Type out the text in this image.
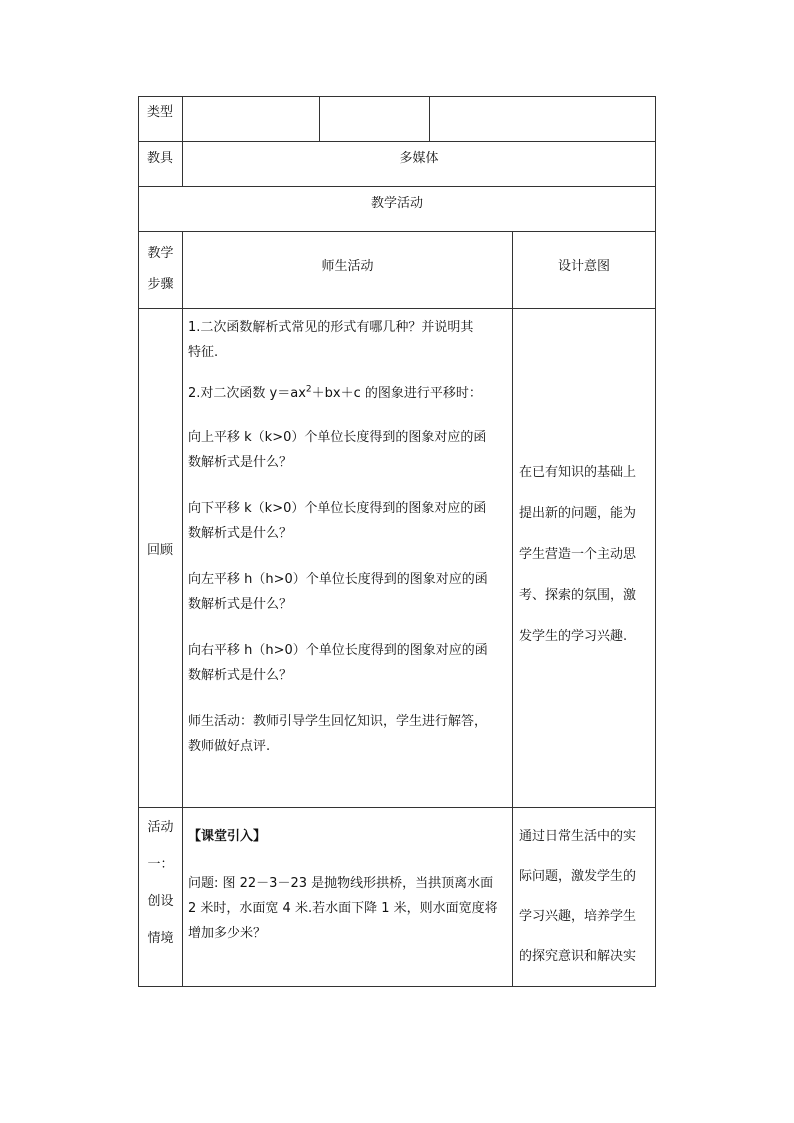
类型
教具	多媒体
教学活动
教学
步骤
师生活动	设计意图
回顾
1.二次函数解析式常见的形式有哪几种？并说明其
特征.
2.对二次函数 $y=ax^2+bx+c$ 的图象进行平移时：
向上平移 k（k>0）个单位长度得到的图象对应的函
数解析式是什么？
向下平移 k（k>0）个单位长度得到的图象对应的函
数解析式是什么？
向左平移 h（h>0）个单位长度得到的图象对应的函
数解析式是什么？
向右平移 h（h>0）个单位长度得到的图象对应的函
数解析式是什么？
师生活动：教师引导学生回忆知识，学生进行解答，
教师做好点评.
在已有知识的基础上
提出新的问题，能为
学生营造一个主动思
考、探索的氛围，激
发学生的学习兴趣.
活动
一：
创设
情境
【课堂引入】
问题: 图 22－3－23 是抛物线形拱桥，当拱顶离水面
2 米时，水面宽 4 米.若水面下降 1 米，则水面宽度将
增加多少米？
通过日常生活中的实
际问题，激发学生的
学习兴趣，培养学生
的探究意识和解决实
